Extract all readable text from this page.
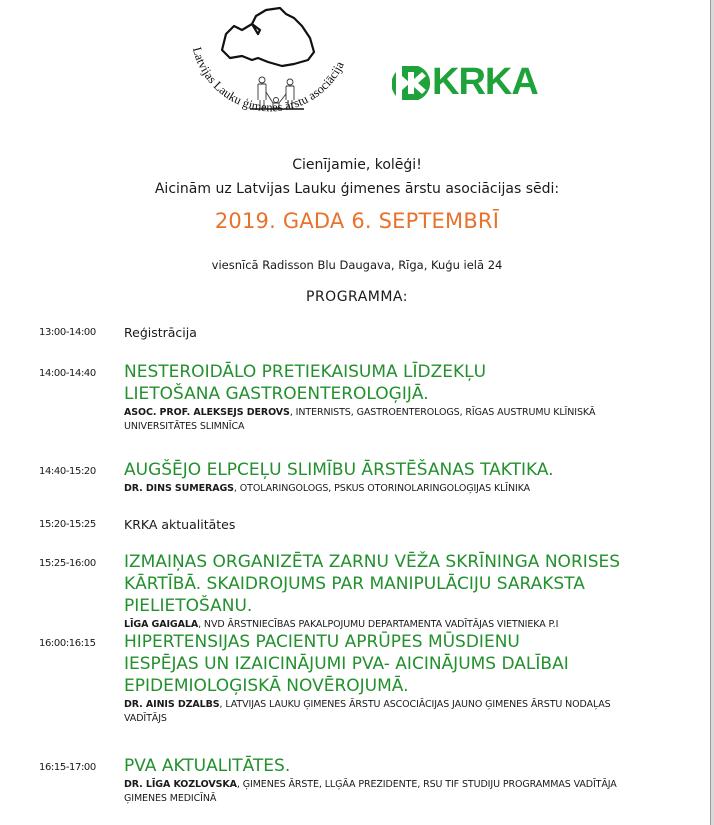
Latvijas Lauku ģimenes ārstu asociācija KRKA
Cienījamie, kolēģi!
Aicinām uz Latvijas Lauku ģimenes ārstu asociācijas sēdi:
2019. GADA 6. SEPTEMBRĪ
viesnīcā Radisson Blu Daugava, Rīga, Kuģu ielā 24
PROGRAMMA:
13:00-14:00 Reģistrācija
14:00-14:40 NESTEROIDĀLO PRETIEKAISUMA LĪDZEKĻU LIETOŠANA GASTROENTEROLOĢIJĀ.
ASOC. PROF. ALEKSEJS DEROVS, INTERNISTS, GASTROENTEROLOGS, RĪGAS AUSTRUMU KLĪNISKĀ UNIVERSITĀTES SLIMNĪCA
14:40-15:20 AUGŠĒJO ELPCEĻU SLIMĪBU ĀRSTĒŠANAS TAKTIKA.
DR. DINS SUMERAGS, OTOLARINGOLOGS, PSKUS OTORINOLARINGOLOĢIJAS KLĪNIKA
15:20-15:25 KRKA aktualitātes
15:25-16:00 IZMAIŅAS ORGANIZĒTA ZARNU VĒŽA SKRĪNINGA NORISES KĀRTĪBĀ. SKAIDROJUMS PAR MANIPULĀCIJU SARAKSTA PIELIETOŠANU.
LĪGA GAIGALA, NVD ĀRSTNIECĪBAS PAKALPOJUMU DEPARTAMENTA VADĪTĀJAS VIETNIEKA P.I
16:00:16:15 HIPERTENSIJAS PACIENTU APRŪPES MŪSDIENU IESPĒJAS UN IZAICINĀJUMI PVA- AICINĀJUMS DALĪBAI EPIDEMIOLOĢISKĀ NOVĒROJUMĀ.
DR. AINIS DZALBS, LATVIJAS LAUKU ĢIMENES ĀRSTU ASCOCIĀCIJAS JAUNO ĢIMENES ĀRSTU NODAĻAS VADĪTĀJS
16:15-17:00 PVA AKTUALITĀTES.
DR. LĪGA KOZLOVSKA, ĢIMENES ĀRSTE, LLĢĀA PREZIDENTE, RSU TIF STUDIJU PROGRAMMAS VADĪTĀJA ĢIMENES MEDICĪNĀ
